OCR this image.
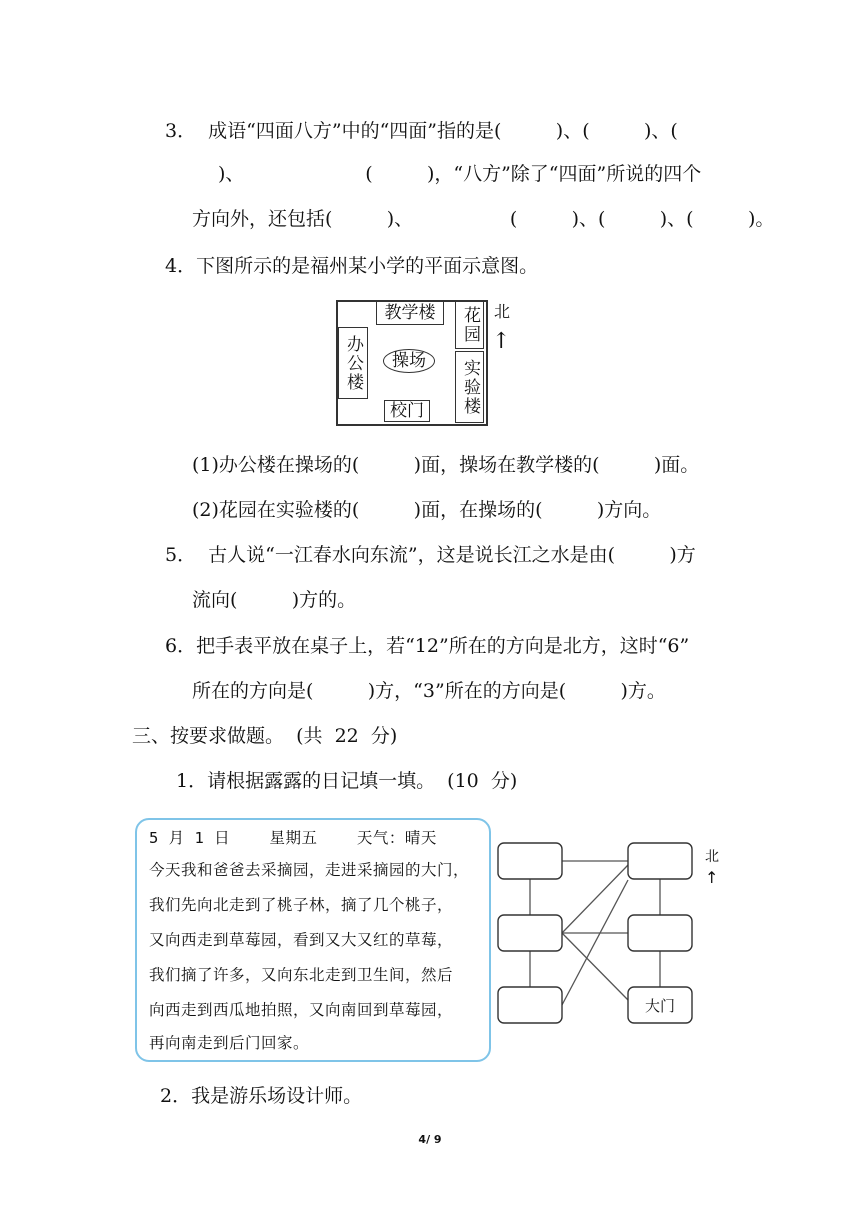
3．  成语“四面八方”中的“四面”指的是(         )、(         )、(
)、                    (         )，“八方”除了“四面”所说的四个
方向外，还包括(         )、                (         )、(         )、(         )。
4．下图所示的是福州某小学的平面示意图。
教学楼	花园
办公楼	操场	实验楼
校门
北
↑
(1)办公楼在操场的(         )面，操场在教学楼的(         )面。
(2)花园在实验楼的(         )面，在操场的(         )方向。
5．  古人说“一江春水向东流”，这是说长江之水是由(         )方
流向(         )方的。
6．把手表平放在桌子上，若“12”所在的方向是北方，这时“6”
所在的方向是(         )方，“3”所在的方向是(         )方。
三、按要求做题。  (共  22  分)
1．请根据露露的日记填一填。  (10  分)
5 月 1 日    星期五    天气：晴天
今天我和爸爸去采摘园，走进采摘园的大门，
我们先向北走到了桃子林，摘了几个桃子，
又向西走到草莓园，看到又大又红的草莓，
我们摘了许多，又向东北走到卫生间，然后
向西走到西瓜地拍照，又向南回到草莓园，
再向南走到后门回家。
大门
北
↑
2．我是游乐场设计师。
4/ 9
